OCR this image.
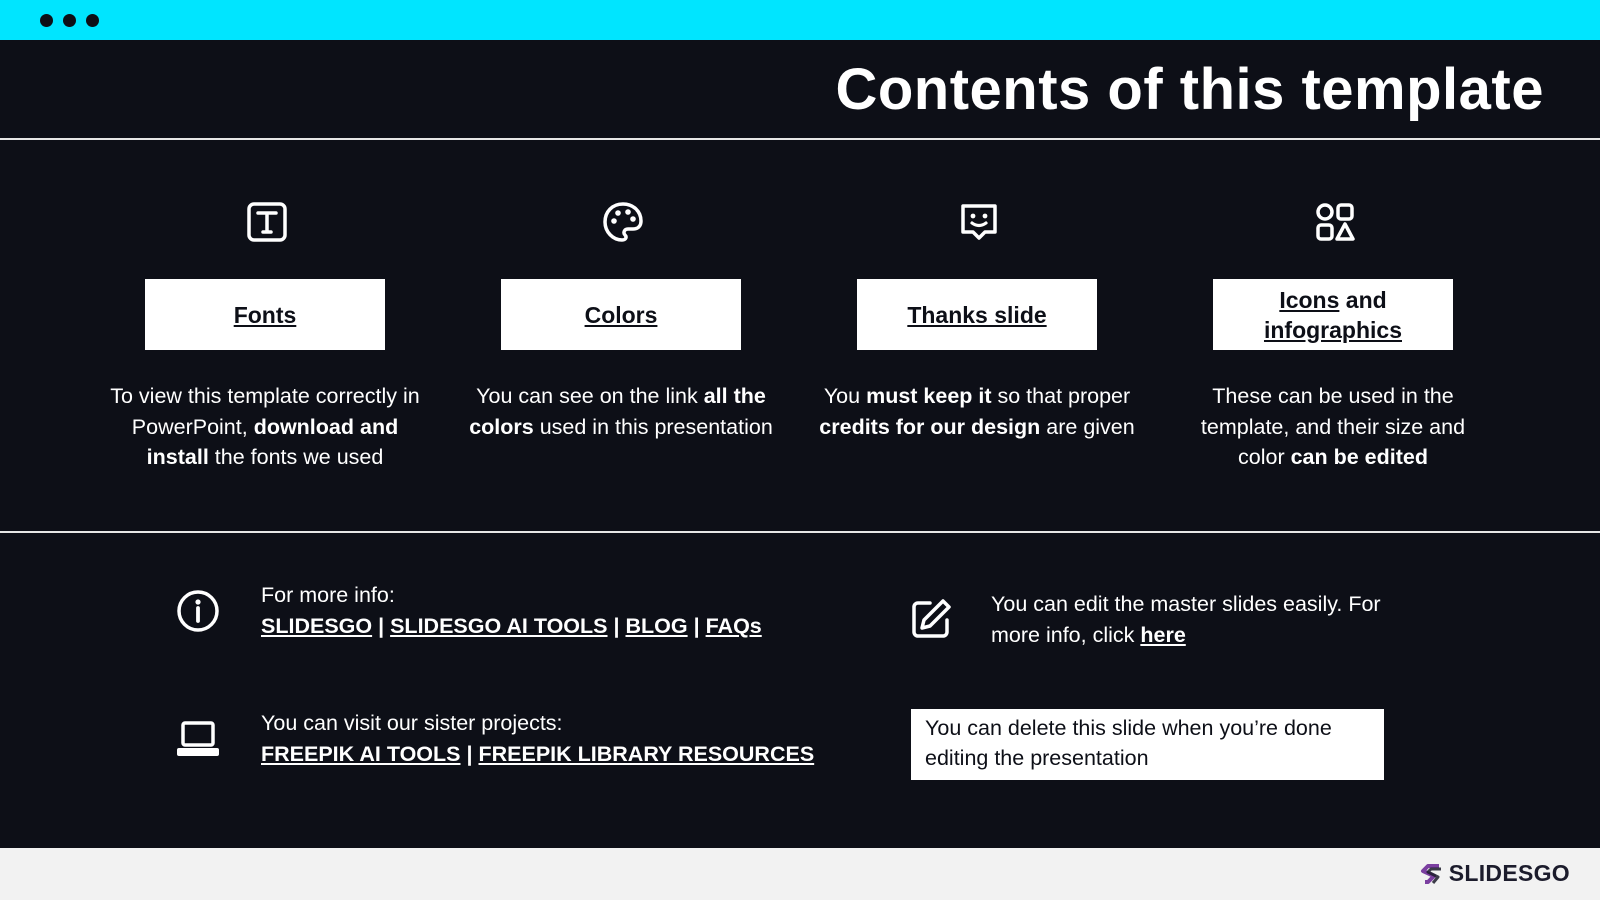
Contents of this template
Fonts
To view this template correctly in
PowerPoint, download and
install the fonts we used
Colors
You can see on the link all the
colors used in this presentation
Thanks slide
You must keep it so that proper
credits for our design are given
Icons and
infographics
These can be used in the
template, and their size and
color can be edited
For more info:
SLIDESGO | SLIDESGO AI TOOLS | BLOG | FAQs
You can visit our sister projects:
FREEPIK AI TOOLS | FREEPIK LIBRARY RESOURCES
You can edit the master slides easily. For
more info, click here
You can delete this slide when you’re done
editing the presentation
SLIDESGO
